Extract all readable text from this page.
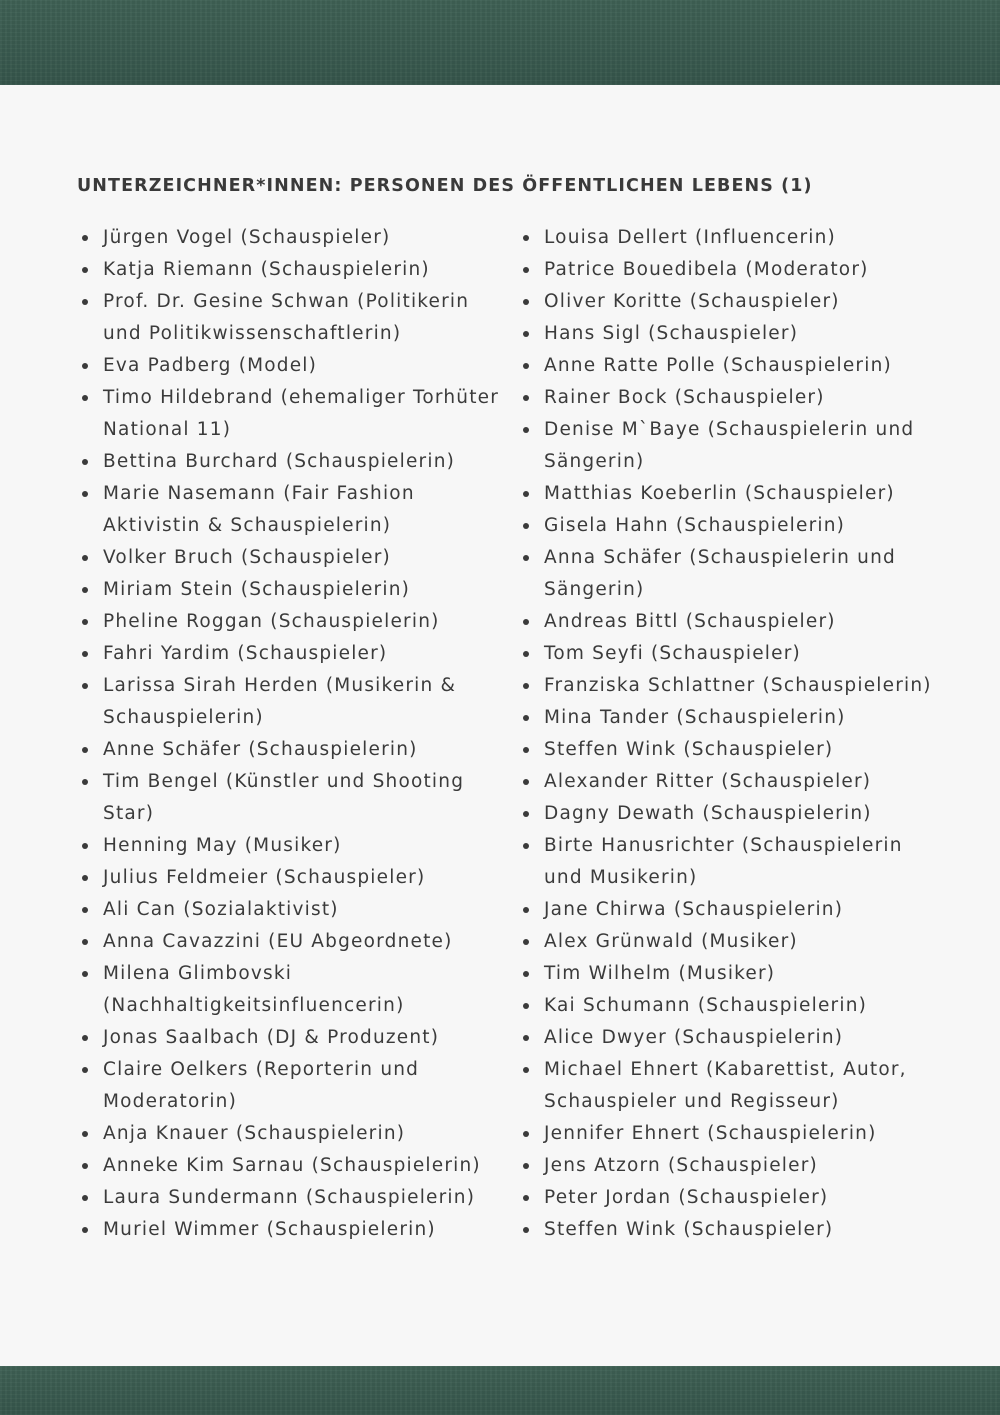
UNTERZEICHNER*INNEN: PERSONEN DES ÖFFENTLICHEN LEBENS (1)
Jürgen Vogel (Schauspieler)
Katja Riemann (Schauspielerin)
Prof. Dr. Gesine Schwan (Politikerin und Politikwissenschaftlerin)
Eva Padberg (Model)
Timo Hildebrand (ehemaliger Torhüter National 11)
Bettina Burchard (Schauspielerin)
Marie Nasemann (Fair Fashion Aktivistin & Schauspielerin)
Volker Bruch (Schauspieler)
Miriam Stein (Schauspielerin)
Pheline Roggan (Schauspielerin)
Fahri Yardim (Schauspieler)
Larissa Sirah Herden (Musikerin & Schauspielerin)
Anne Schäfer (Schauspielerin)
Tim Bengel (Künstler und Shooting Star)
Henning May (Musiker)
Julius Feldmeier (Schauspieler)
Ali Can (Sozialaktivist)
Anna Cavazzini (EU Abgeordnete)
Milena Glimbovski (Nachhaltigkeitsinfluencerin)
Jonas Saalbach (DJ & Produzent)
Claire Oelkers (Reporterin und Moderatorin)
Anja Knauer (Schauspielerin)
Anneke Kim Sarnau (Schauspielerin)
Laura Sundermann (Schauspielerin)
Muriel Wimmer (Schauspielerin)
Louisa Dellert (Influencerin)
Patrice Bouedibela (Moderator)
Oliver Koritte (Schauspieler)
Hans Sigl (Schauspieler)
Anne Ratte Polle (Schauspielerin)
Rainer Bock (Schauspieler)
Denise M`Baye (Schauspielerin und Sängerin)
Matthias Koeberlin (Schauspieler)
Gisela Hahn (Schauspielerin)
Anna Schäfer (Schauspielerin und Sängerin)
Andreas Bittl (Schauspieler)
Tom Seyfi (Schauspieler)
Franziska Schlattner (Schauspielerin)
Mina Tander (Schauspielerin)
Steffen Wink (Schauspieler)
Alexander Ritter (Schauspieler)
Dagny Dewath (Schauspielerin)
Birte Hanusrichter (Schauspielerin und Musikerin)
Jane Chirwa (Schauspielerin)
Alex Grünwald (Musiker)
Tim Wilhelm (Musiker)
Kai Schumann (Schauspielerin)
Alice Dwyer (Schauspielerin)
Michael Ehnert (Kabarettist, Autor, Schauspieler und Regisseur)
Jennifer Ehnert (Schauspielerin)
Jens Atzorn (Schauspieler)
Peter Jordan (Schauspieler)
Steffen Wink (Schauspieler)
